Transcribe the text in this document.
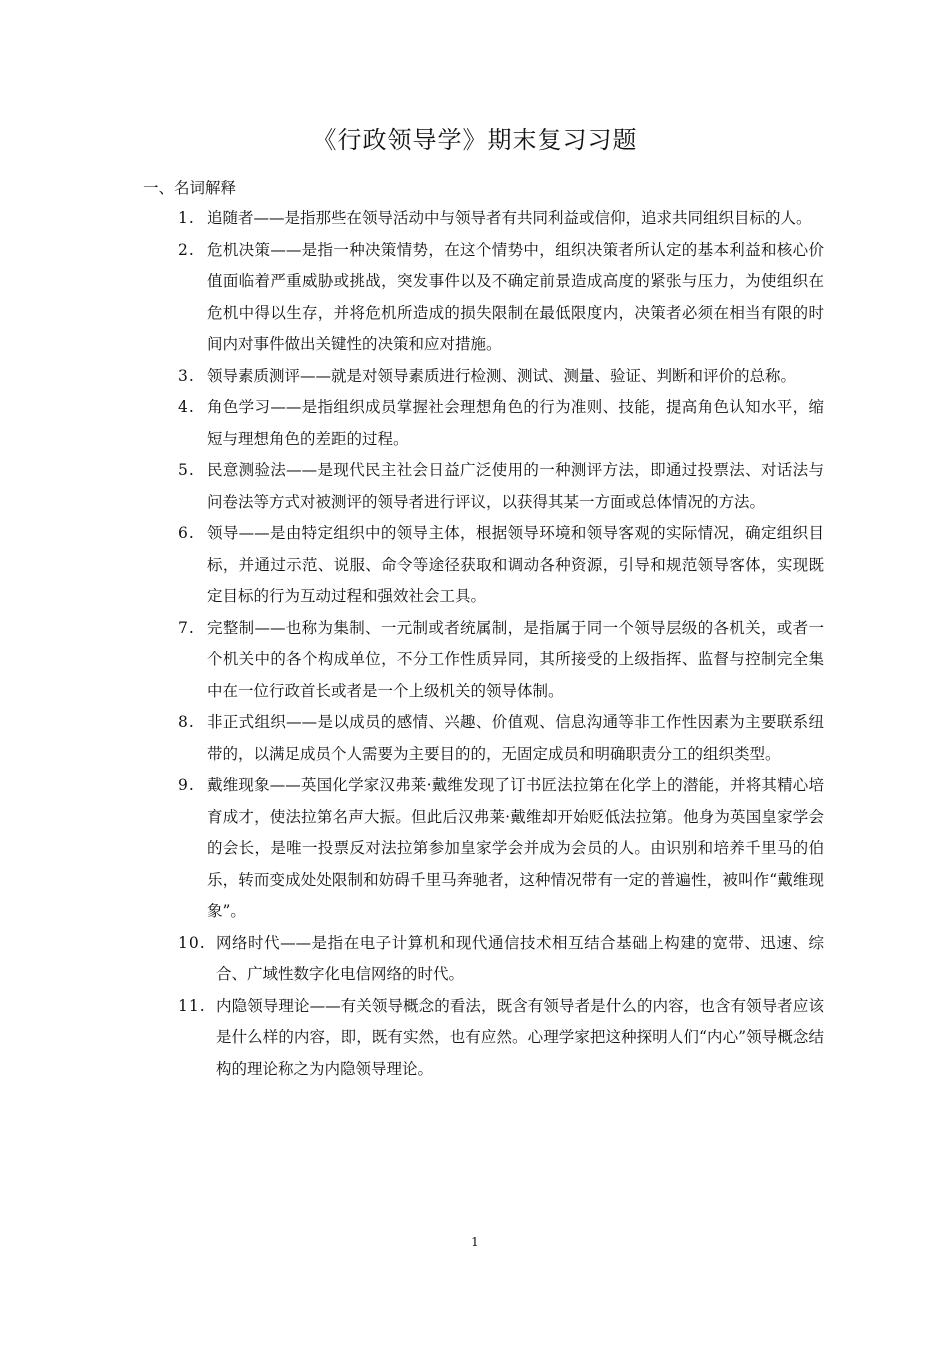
《行政领导学》期末复习习题
一、名词解释
1. 追随者——是指那些在领导活动中与领导者有共同利益或信仰，追求共同组织目标的人。
2. 危机决策——是指一种决策情势，在这个情势中，组织决策者所认定的基本利益和核心价值面临着严重威胁或挑战，突发事件以及不确定前景造成高度的紧张与压力，为使组织在危机中得以生存，并将危机所造成的损失限制在最低限度内，决策者必须在相当有限的时间内对事件做出关键性的决策和应对措施。
3. 领导素质测评——就是对领导素质进行检测、测试、测量、验证、判断和评价的总称。
4. 角色学习——是指组织成员掌握社会理想角色的行为准则、技能，提高角色认知水平，缩短与理想角色的差距的过程。
5. 民意测验法——是现代民主社会日益广泛使用的一种测评方法，即通过投票法、对话法与问卷法等方式对被测评的领导者进行评议，以获得其某一方面或总体情况的方法。
6. 领导——是由特定组织中的领导主体，根据领导环境和领导客观的实际情况，确定组织目标，并通过示范、说服、命令等途径获取和调动各种资源，引导和规范领导客体，实现既定目标的行为互动过程和强效社会工具。
7. 完整制——也称为集制、一元制或者统属制，是指属于同一个领导层级的各机关，或者一个机关中的各个构成单位，不分工作性质异同，其所接受的上级指挥、监督与控制完全集中在一位行政首长或者是一个上级机关的领导体制。
8. 非正式组织——是以成员的感情、兴趣、价值观、信息沟通等非工作性因素为主要联系纽带的，以满足成员个人需要为主要目的的，无固定成员和明确职责分工的组织类型。
9. 戴维现象——英国化学家汉弗莱·戴维发现了订书匠法拉第在化学上的潜能，并将其精心培育成才，使法拉第名声大振。但此后汉弗莱·戴维却开始贬低法拉第。他身为英国皇家学会的会长，是唯一投票反对法拉第参加皇家学会并成为会员的人。由识别和培养千里马的伯乐，转而变成处处限制和妨碍千里马奔驰者，这种情况带有一定的普遍性，被叫作“戴维现象”。
10. 网络时代——是指在电子计算机和现代通信技术相互结合基础上构建的宽带、迅速、综合、广域性数字化电信网络的时代。
11. 内隐领导理论——有关领导概念的看法，既含有领导者是什么的内容，也含有领导者应该是什么样的内容，即，既有实然，也有应然。心理学家把这种探明人们“内心”领导概念结构的理论称之为内隐领导理论。
1
